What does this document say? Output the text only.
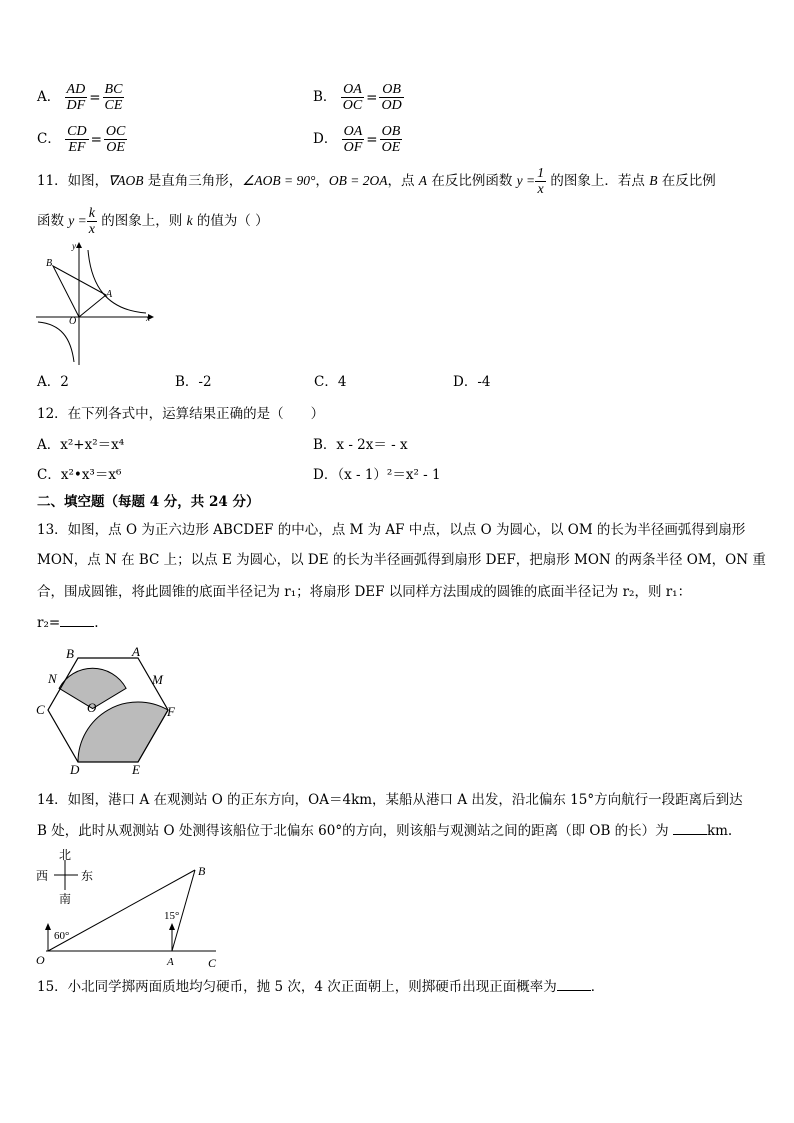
A． $\frac{AD}{DF} = \frac{BC}{CE}$	B． $\frac{OA}{OC} = \frac{OB}{OD}$
C． $\frac{CD}{EF} = \frac{OC}{OE}$	D． $\frac{OA}{OF} = \frac{OB}{OE}$
11．如图，∇AOB 是直角三角形，∠AOB = 90°，OB = 2OA，点 A 在反比例函数 $y = \frac{1}{x}$ 的图象上．若点 B 在反比例
函数 $y = \frac{k}{x}$ 的图象上，则 k 的值为（ ）
B
A
O	x
y
A．2	B．-2	C．4	D．-4
12．在下列各式中，运算结果正确的是（　　）
A．x²+x²＝x⁴	B．x - 2x＝ - x
C．x²•x³＝x⁶	D．（x - 1）²＝x² - 1
二、填空题（每题 4 分，共 24 分）
13．如图，点 O 为正六边形 ABCDEF 的中心，点 M 为 AF 中点，以点 O 为圆心，以 OM 的长为半径画弧得到扇形
MON，点 N 在 BC 上；以点 E 为圆心，以 DE 的长为半径画弧得到扇形 DEF，把扇形 MON 的两条半径 OM，ON 重
合，围成圆锥，将此圆锥的底面半径记为 r₁；将扇形 DEF 以同样方法围成的圆锥的底面半径记为 r₂，则 r₁：
r₂=	.
B	A
N	M
C	O	F
D	E
14．如图，港口 A 在观测站 O 的正东方向，OA＝4km，某船从港口 A 出发，沿北偏东 15°方向航行一段距离后到达
B 处，此时从观测站 O 处测得该船位于北偏东 60°的方向，则该船与观测站之间的距离（即 OB 的长）为	km.
北
南
西	东	B
O	A	C
15°
60°
15．小北同学掷两面质地均匀硬币，抛 5 次，4 次正面朝上，则掷硬币出现正面概率为	．
